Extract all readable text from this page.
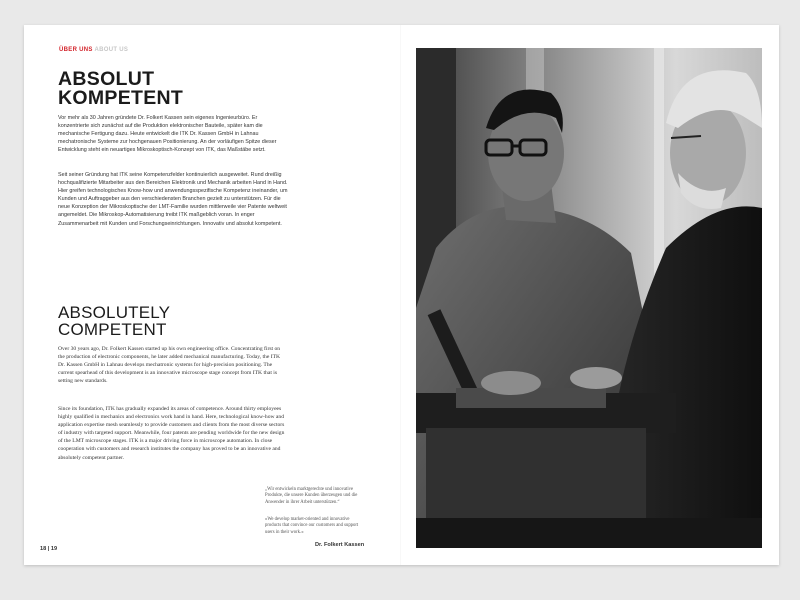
ÜBER UNS ABOUT US
ABSOLUT
KOMPETENT

Vor mehr als 30 Jahren gründete Dr. Folkert Kassen sein eigenes Ingenieurbüro. Er konzentrierte sich zunächst auf die Produktion elektronischer Bauteile, später kam die mechanische Fertigung dazu. Heute entwickelt die ITK Dr. Kassen GmbH in Lahnau mechatronische Systeme zur hochgenauen Positionierung. An der vorläufigen Spitze dieser Entwicklung steht ein neuartiges Mikroskoptisch-Konzept von ITK, das Maßstäbe setzt.

Seit seiner Gründung hat ITK seine Kompetenzfelder kontinuierlich ausgeweitet. Rund dreißig hochqualifizierte Mitarbeiter aus den Bereichen Elektronik und Mechanik arbeiten Hand in Hand. Hier greifen technologisches Know-how und anwendungsspezifische Kompetenz ineinander, um Kunden und Auftraggeber aus den verschiedensten Branchen gezielt zu unterstützen. Für die neue Konzeption der Mikroskoptische der LMT-Familie wurden mittlerweile vier Patente weltweit angemeldet. Die Mikroskop-Automatisierung treibt ITK maßgeblich voran. In enger Zusammenarbeit mit Kunden und Forschungseinrichtungen. Innovativ und absolut kompetent.

ABSOLUTELY
COMPETENT

Over 30 years ago, Dr. Folkert Kassen started up his own engineering office. Concentrating first on the production of electronic components, he later added mechanical manufacturing. Today, the ITK Dr. Kassen GmbH in Lahnau develops mechatronic systems for high-precision positioning. The current spearhead of this development is an innovative microscope stage concept from ITK that is setting new standards.

Since its foundation, ITK has gradually expanded its areas of competence. Around thirty employees highly qualified in mechanics and electronics work hand in hand. Here, technological know-how and application expertise mesh seamlessly to provide customers and clients from the most diverse sectors of industry with targeted support. Meanwhile, four patents are pending worldwide for the new design of the LMT microscope stages. ITK is a major driving force in microscope automation. In close cooperation with customers and research institutes the company has proved to be an innovative and absolutely competent partner.

„Wir entwickeln marktgerechte und innovative Produkte, die unsere Kunden überzeugen und die Anwender in ihrer Arbeit unterstützen.“

»We develop market-oriented and innovative products that convince our customers and support users in their work.«

Dr. Folkert Kassen
18 | 19
